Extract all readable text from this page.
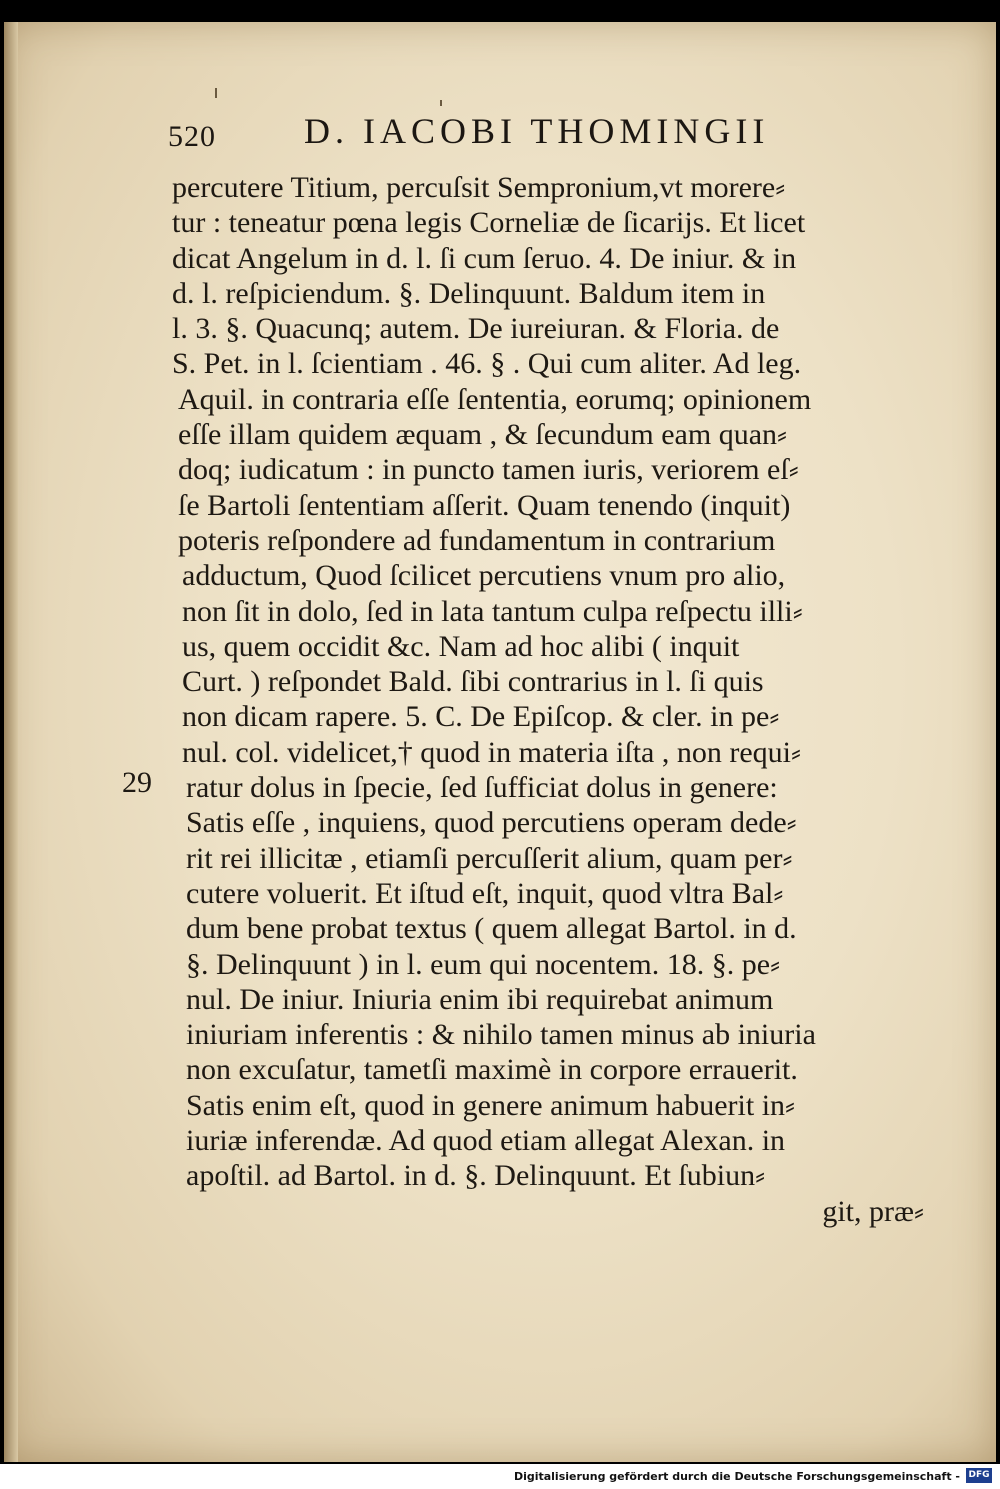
520 D. IACOBI THOMINGII
29
percutere Titium, percuſsit Sempronium,vt morere⸗
tur : teneatur pœna legis Corneliæ de ſicarijs. Et licet
dicat Angelum in d. l. ſi cum ſeruo. 4. De iniur. & in
d. l. reſpiciendum. §. Delinquunt. Baldum item in
l. 3. §. Quacunq; autem. De iureiuran. & Floria. de
S. Pet. in l. ſcientiam . 46. § . Qui cum aliter. Ad leg.
Aquil. in contraria eſſe ſententia, eorumq; opinionem
eſſe illam quidem æquam , & ſecundum eam quan⸗
doq; iudicatum : in puncto tamen iuris, veriorem eſ⸗
ſe Bartoli ſententiam aſſerit. Quam tenendo (inquit)
poteris reſpondere ad fundamentum in contrarium
adductum, Quod ſcilicet percutiens vnum pro alio,
non ſit in dolo, ſed in lata tantum culpa reſpectu illi⸗
us, quem occidit &c. Nam ad hoc alibi ( inquit
Curt. ) reſpondet Bald. ſibi contrarius in l. ſi quis
non dicam rapere. 5. C. De Epiſcop. & cler. in pe⸗
nul. col. videlicet,† quod in materia iſta , non requi⸗
ratur dolus in ſpecie, ſed ſufficiat dolus in genere:
Satis eſſe , inquiens, quod percutiens operam dede⸗
rit rei illicitæ , etiamſi percuſſerit alium, quam per⸗
cutere voluerit. Et iſtud eſt, inquit, quod vltra Bal⸗
dum bene probat textus ( quem allegat Bartol. in d.
§. Delinquunt ) in l. eum qui nocentem. 18. §. pe⸗
nul. De iniur. Iniuria enim ibi requirebat animum
iniuriam inferentis : & nihilo tamen minus ab iniuria
non excuſatur, tametſi maximè in corpore errauerit.
Satis enim eſt, quod in genere animum habuerit in⸗
iuriæ inferendæ. Ad quod etiam allegat Alexan. in
apoſtil. ad Bartol. in d. §. Delinquunt. Et ſubiun⸗
git, præ⸗
Digitalisierung gefördert durch die Deutsche Forschungsgemeinschaft - DFG
